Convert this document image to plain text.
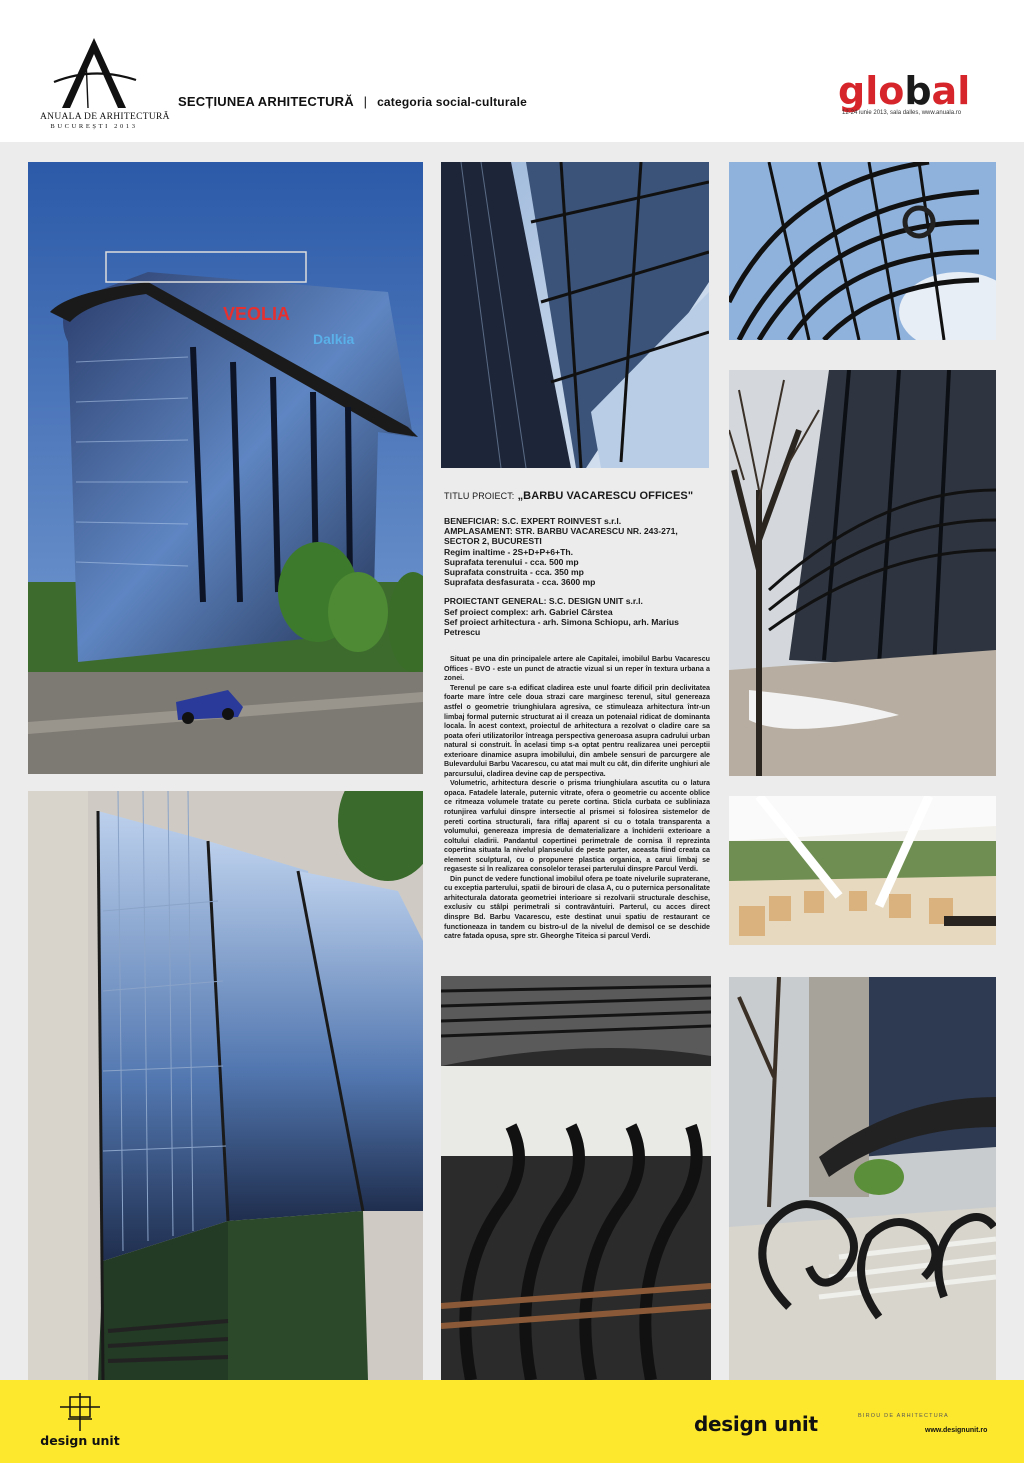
ANUALA DE ARHITECTURĂ
BUCUREȘTI 2013
SECȚIUNEA ARHITECTURĂ | categoria social-culturale	global
12-24 iunie 2013, sala dalles, www.anuala.ro
VEOLIA
Dalkia
TITLU PROIECT: „BARBU VACARESCU OFFICES"

BENEFICIAR: S.C. EXPERT ROINVEST s.r.l.

AMPLASAMENT: STR. BARBU VACARESCU NR. 243-271, SECTOR 2, BUCURESTI

Regim inaltime - 2S+D+P+6+Th.

Suprafata terenului - cca. 500 mp

Suprafata construita - cca. 350 mp

Suprafata desfasurata - cca. 3600 mp

PROIECTANT GENERAL: S.C. DESIGN UNIT s.r.l.

Sef proiect complex: arh. Gabriel Cârstea

Sef proiect arhitectura - arh. Simona Schiopu, arh. Marius Petrescu

Situat pe una din principalele artere ale Capitalei, imobilul Barbu Vacarescu Offices - BVO - este un punct de atractie vizual si un reper în textura urbana a zonei.

Terenul pe care s-a edificat cladirea este unul foarte dificil prin declivitatea foarte mare între cele doua strazi care marginesc terenul, situl genereaza astfel o geometrie triunghiulara agresiva, ce stimuleaza arhitectura într-un limbaj formal puternic structurat ai il creaza un potenaial ridicat de dominanta locala. În acest context, proiectul de arhitectura a rezolvat o cladire care sa poata oferi utilizatorilor întreaga perspectiva generoasa asupra cadrului urban natural si construit. În acelasi timp s-a optat pentru realizarea unei perceptii exterioare dinamice asupra imobilului, din ambele sensuri de parcurgere ale Bulevardului Barbu Vacarescu, cu atat mai mult cu cât, din diferite unghiuri ale parcursului, cladirea devine cap de perspectiva.

Volumetric, arhitectura descrie o prisma triunghiulara ascutita cu o latura opaca. Fatadele laterale, puternic vitrate, ofera o geometrie cu accente oblice ce ritmeaza volumele tratate cu perete cortina. Sticla curbata ce subliniaza rotunjirea varfului dinspre intersectie al prismei si folosirea sistemelor de pereti cortina structurali, fara riflaj aparent si cu o totala transparenta a volumului, genereaza impresia de dematerializare a închiderii exterioare a coltului cladirii. Pandantul copertinei perimetrale de cornisa îl reprezinta copertina situata la nivelul planseului de peste parter, aceasta fiind creata ca element sculptural, cu o propunere plastica organica, a carui limbaj se regaseste si în realizarea consolelor terasei parterului dinspre Parcul Verdi.

Din punct de vedere functional imobilul ofera pe toate nivelurile supraterane, cu exceptia parterului, spatii de birouri de clasa A, cu o puternica personalitate arhitecturala datorata geometriei interioare si rezolvarii structurale deschise, exclusiv cu stâlpi perimetrali si contravântuiri. Parterul, cu acces direct dinspre Bd. Barbu Vacarescu, este destinat unui spatiu de restaurant ce functioneaza in tandem cu bistro-ul de la nivelul de demisol ce se deschide catre fatada opusa, spre str. Gheorghe Titeica si parcul Verdi.

design unit
design unit	BIROU DE ARHITECTURA
www.designunit.ro
